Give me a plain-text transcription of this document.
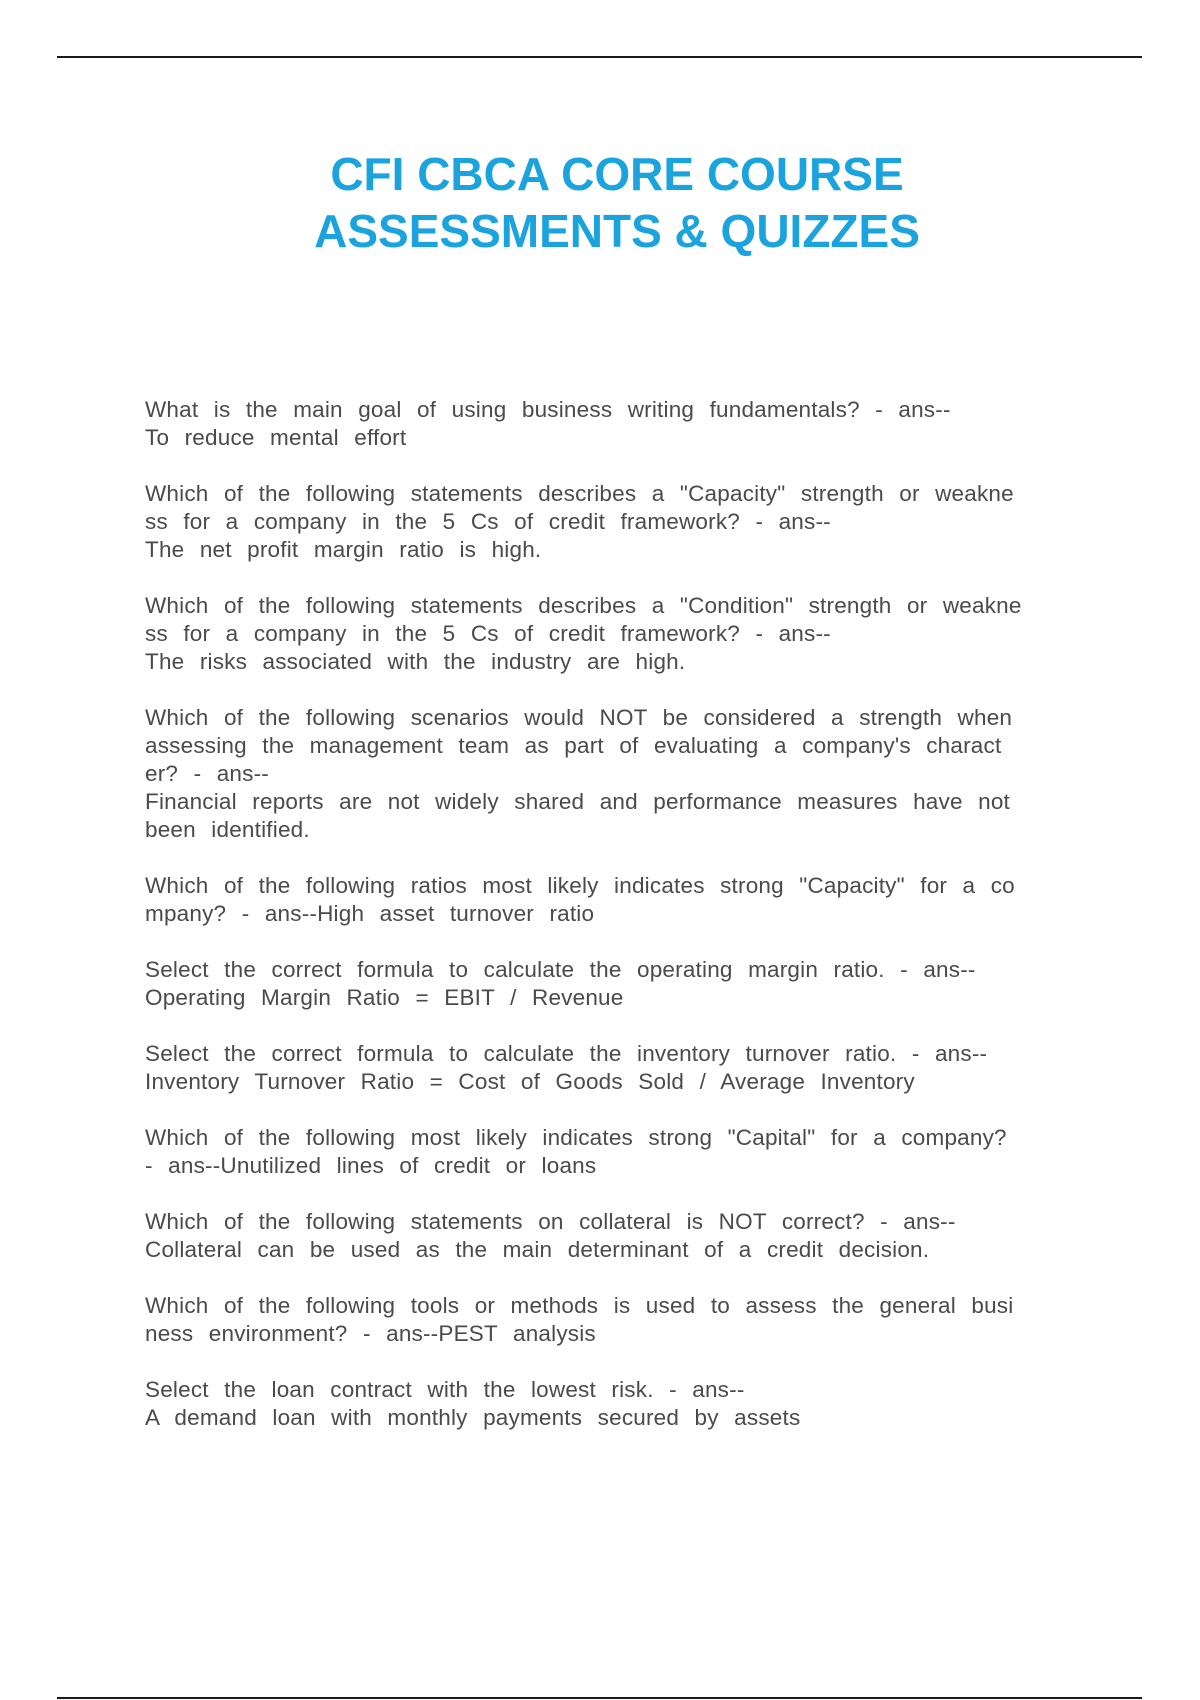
CFI CBCA CORE COURSE
ASSESSMENTS & QUIZZES
What is the main goal of using business writing fundamentals? - ans--
To reduce mental effort
Which of the following statements describes a "Capacity" strength or weakne
ss for a company in the 5 Cs of credit framework? - ans--
The net profit margin ratio is high.
Which of the following statements describes a "Condition" strength or weakne
ss for a company in the 5 Cs of credit framework? - ans--
The risks associated with the industry are high.
Which of the following scenarios would NOT be considered a strength when
assessing the management team as part of evaluating a company's charact
er? - ans--
Financial reports are not widely shared and performance measures have not
been identified.
Which of the following ratios most likely indicates strong "Capacity" for a co
mpany? - ans--High asset turnover ratio
Select the correct formula to calculate the operating margin ratio. - ans--
Operating Margin Ratio = EBIT / Revenue
Select the correct formula to calculate the inventory turnover ratio. - ans--
Inventory Turnover Ratio = Cost of Goods Sold / Average Inventory
Which of the following most likely indicates strong "Capital" for a company?
- ans--Unutilized lines of credit or loans
Which of the following statements on collateral is NOT correct? - ans--
Collateral can be used as the main determinant of a credit decision.
Which of the following tools or methods is used to assess the general busi
ness environment? - ans--PEST analysis
Select the loan contract with the lowest risk. - ans--
A demand loan with monthly payments secured by assets
